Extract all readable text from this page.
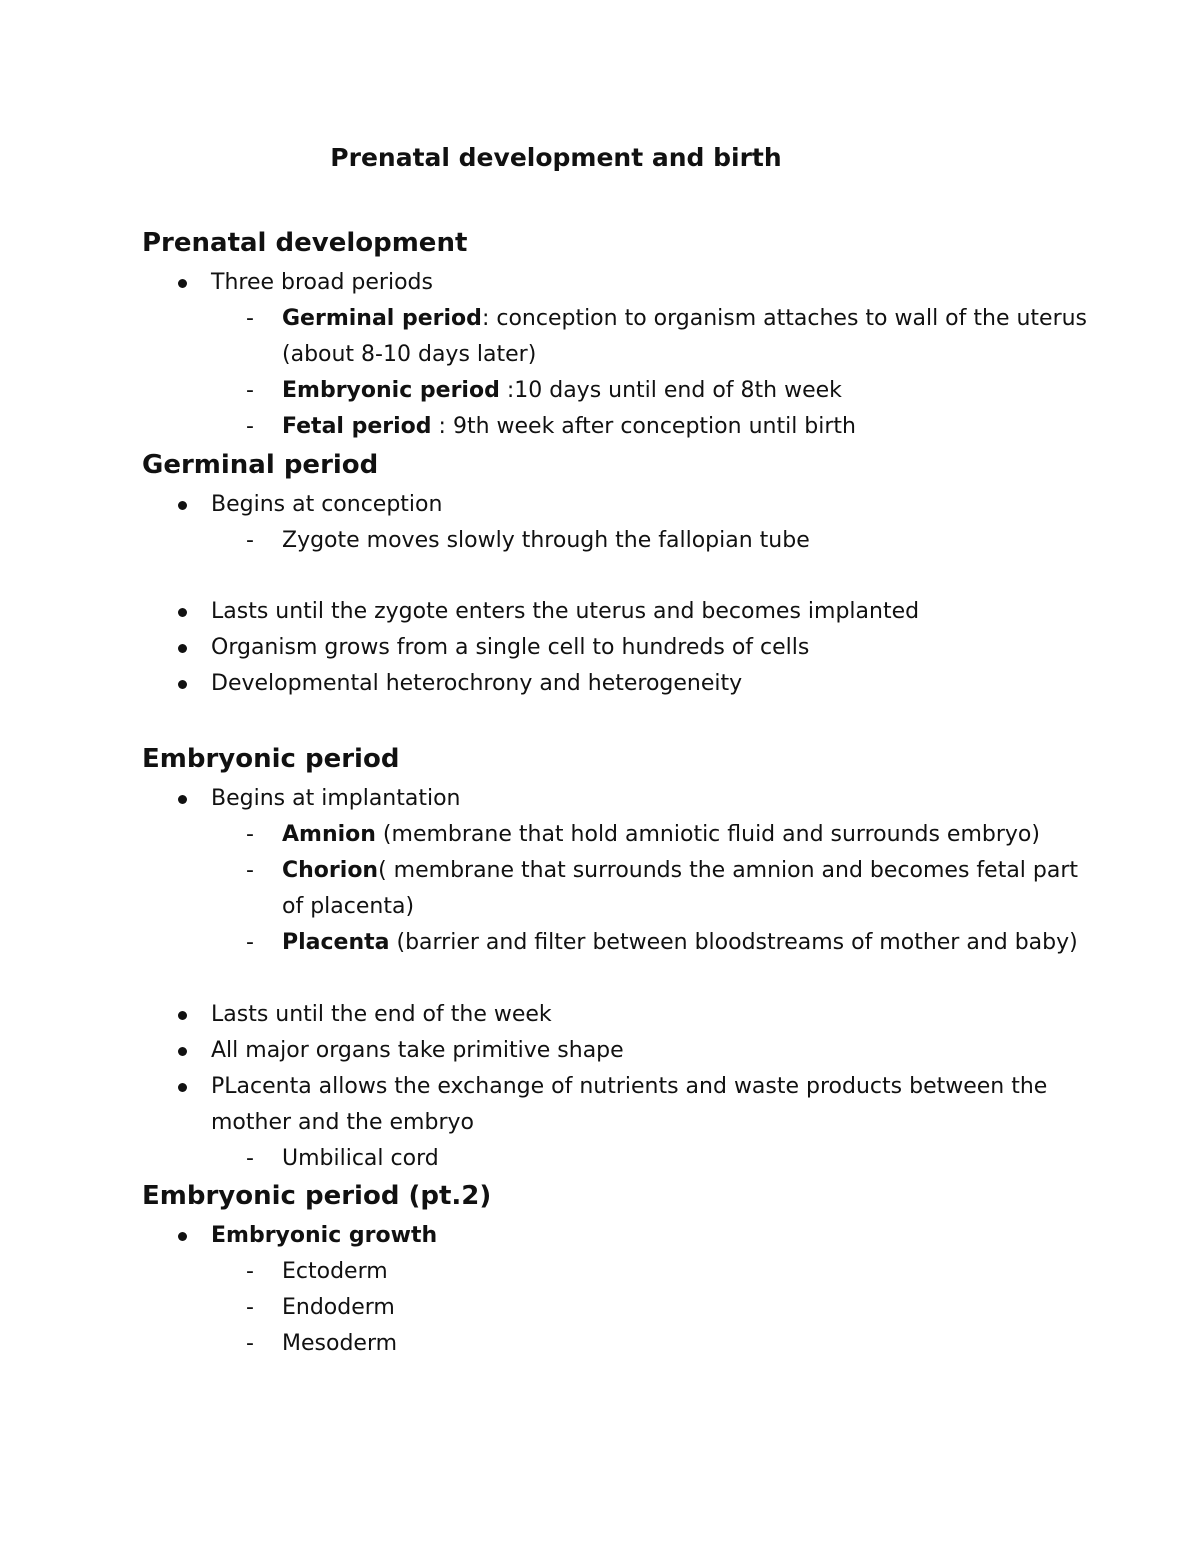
Prenatal development and birth
Prenatal development
Three broad periods
- Germinal period: conception to organism attaches to wall of the uterus
(about 8-10 days later)
- Embryonic period :10 days until end of 8th week
- Fetal period : 9th week after conception until birth
Germinal period
Begins at conception
- Zygote moves slowly through the fallopian tube
Lasts until the zygote enters the uterus and becomes implanted
Organism grows from a single cell to hundreds of cells
Developmental heterochrony and heterogeneity
Embryonic period
Begins at implantation
- Amnion (membrane that hold amniotic fluid and surrounds embryo)
- Chorion( membrane that surrounds the amnion and becomes fetal part
of placenta)
- Placenta (barrier and filter between bloodstreams of mother and baby)
Lasts until the end of the week
All major organs take primitive shape
PLacenta allows the exchange of nutrients and waste products between the
mother and the embryo
- Umbilical cord
Embryonic period (pt.2)
Embryonic growth
- Ectoderm
- Endoderm
- Mesoderm
